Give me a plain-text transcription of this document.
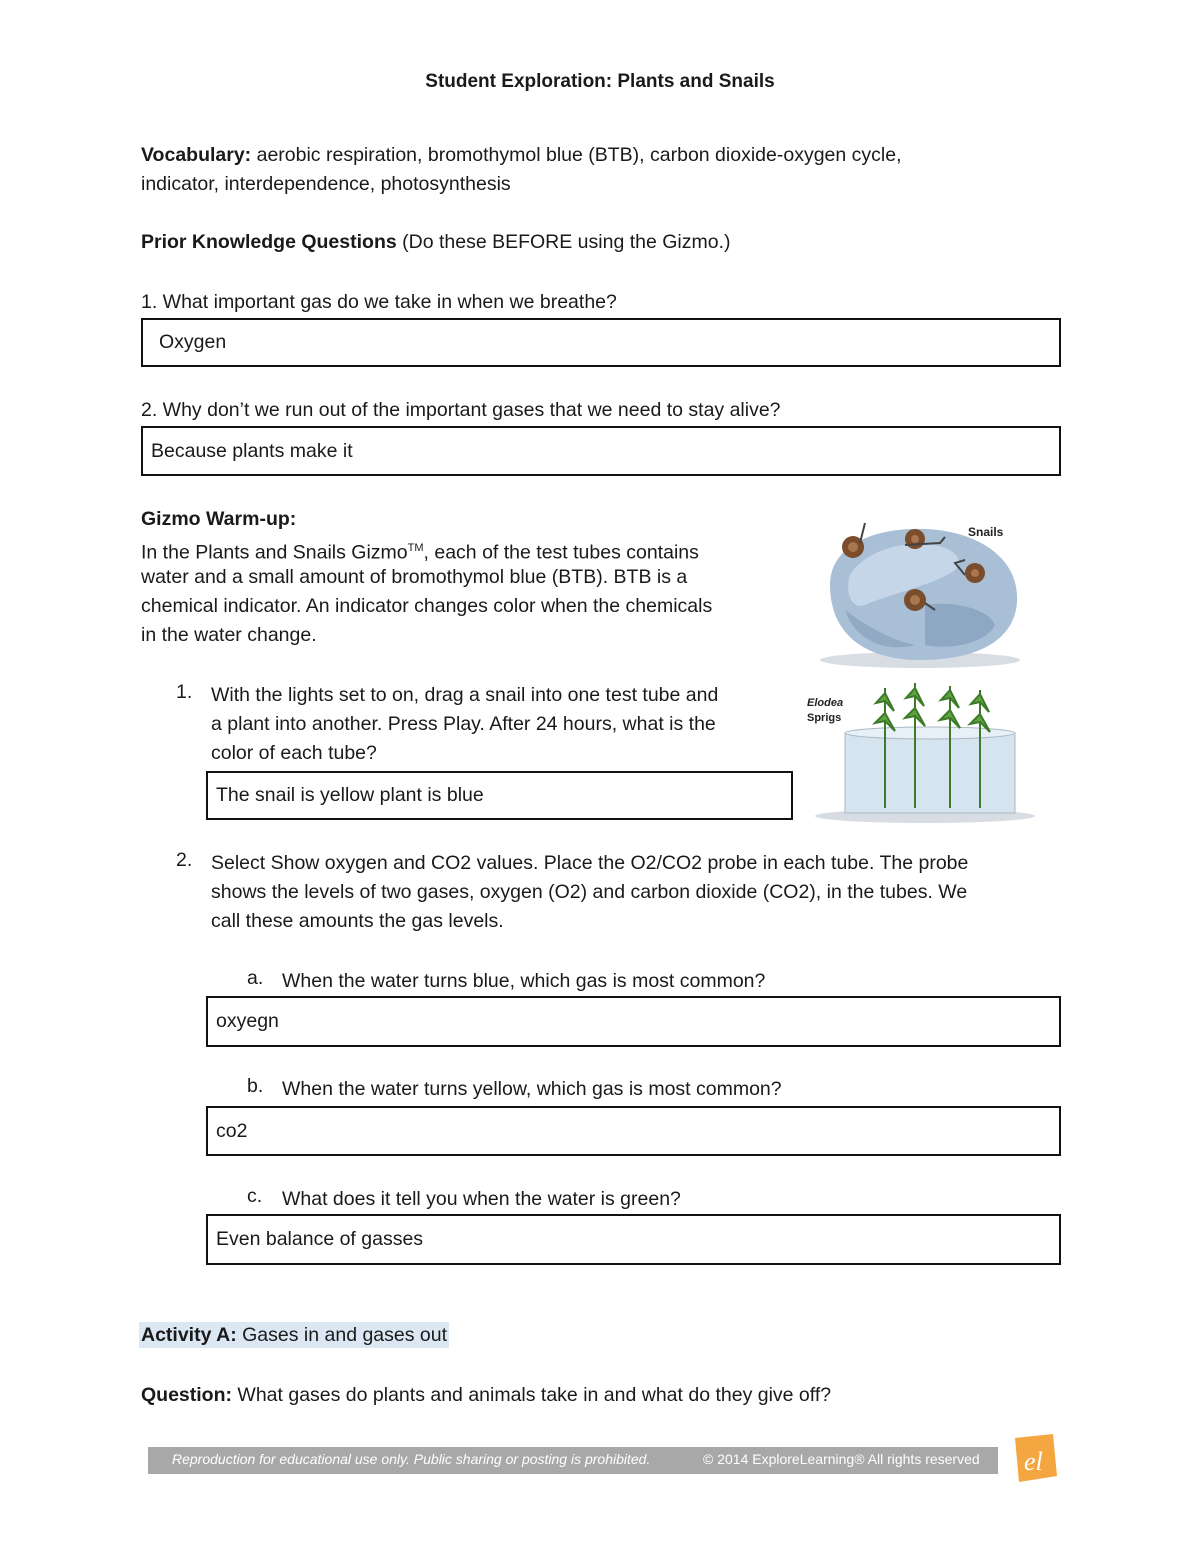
Student Exploration: Plants and Snails
Vocabulary: aerobic respiration, bromothymol blue (BTB), carbon dioxide-oxygen cycle,
indicator, interdependence, photosynthesis
Prior Knowledge Questions (Do these BEFORE using the Gizmo.)
1. What important gas do we take in when we breathe?
Oxygen
2. Why don’t we run out of the important gases that we need to stay alive?
Because plants make it
Gizmo Warm-up:
In the Plants and Snails Gizmo™, each of the test tubes contains
water and a small amount of bromothymol blue (BTB). BTB is a
chemical indicator. An indicator changes color when the chemicals
in the water change.
Snails
Elodea
Sprigs
1. With the lights set to on, drag a snail into one test tube and
a plant into another. Press Play. After 24 hours, what is the
color of each tube?
The snail is yellow plant is blue
2. Select Show oxygen and CO2 values. Place the O2/CO2 probe in each tube. The probe
shows the levels of two gases, oxygen (O2) and carbon dioxide (CO2), in the tubes. We
call these amounts the gas levels.
a. When the water turns blue, which gas is most common?
oxyegn
b. When the water turns yellow, which gas is most common?
co2
c. What does it tell you when the water is green?
Even balance of gasses
Activity A: Gases in and gases out
Question: What gases do plants and animals take in and what do they give off?
Reproduction for educational use only. Public sharing or posting is prohibited.	© 2014 ExploreLearning® All rights reserved el
